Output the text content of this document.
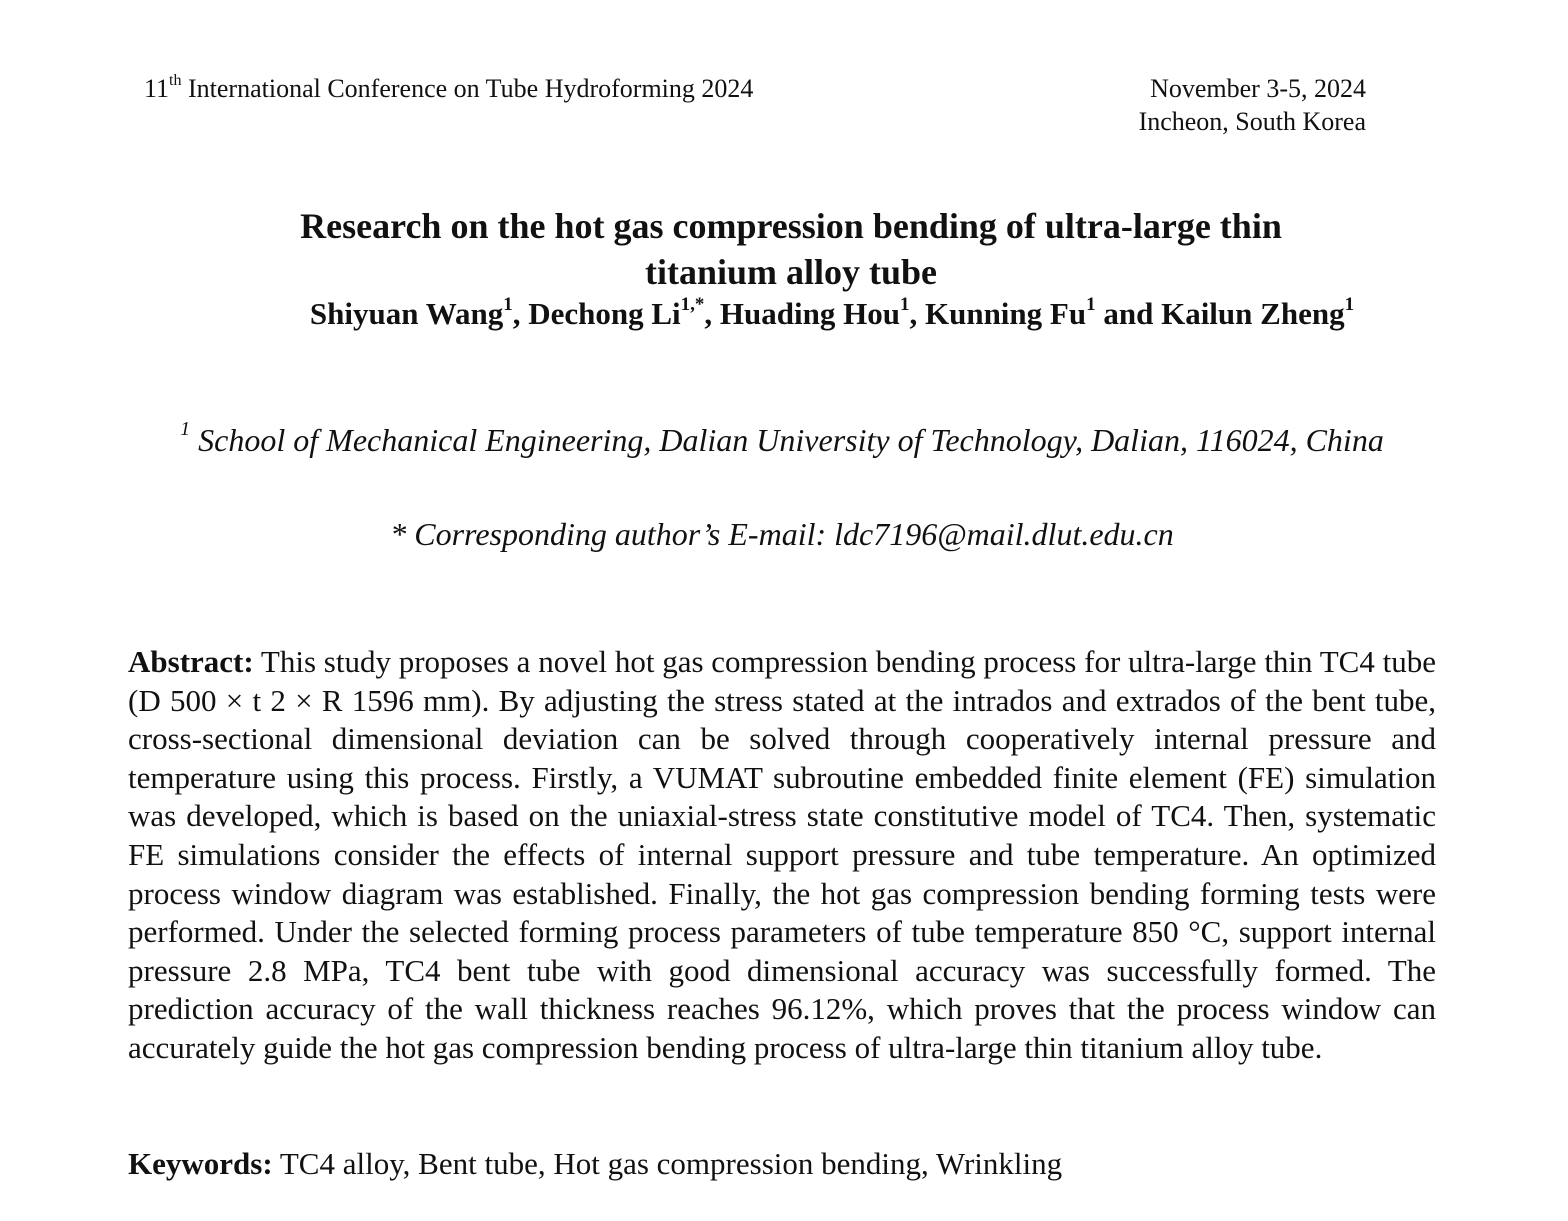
11th International Conference on Tube Hydroforming 2024	November 3-5, 2024
Incheon, South Korea
Research on the hot gas compression bending of ultra-large thin
titanium alloy tube
Shiyuan Wang$^1$, Dechong $Li^{1,*}$, Huading Hou$^1$, Kunning Fu$^1$ and Kailun Zheng$^1$
$^1$ School of Mechanical Engineering, Dalian University of Technology, Dalian, 116024, China
* Corresponding author’s E-mail: ldc7196@mail.dlut.edu.cn

Abstract: This study proposes a novel hot gas compression bending process for ultra-large thin TC4 tube (D 500 × t 2 × R 1596 mm). By adjusting the stress stated at the intrados and extrados of the bent tube, cross-sectional dimensional deviation can be solved through cooperatively internal pressure and temperature using this process. Firstly, a VUMAT subroutine embedded finite element (FE) simulation was developed, which is based on the uniaxial-stress state constitutive model of TC4. Then, systematic FE simulations consider the effects of internal support pressure and tube temperature. An optimized process window diagram was established. Finally, the hot gas compression bending forming tests were performed. Under the selected forming process parameters of tube temperature 850 °C, support internal pressure 2.8 MPa, TC4 bent tube with good dimensional accuracy was successfully formed. The prediction accuracy of the wall thickness reaches 96.12%, which proves that the process window can accurately guide the hot gas compression bending process of ultra-large thin titanium alloy tube.

Keywords: TC4 alloy, Bent tube, Hot gas compression bending, Wrinkling
